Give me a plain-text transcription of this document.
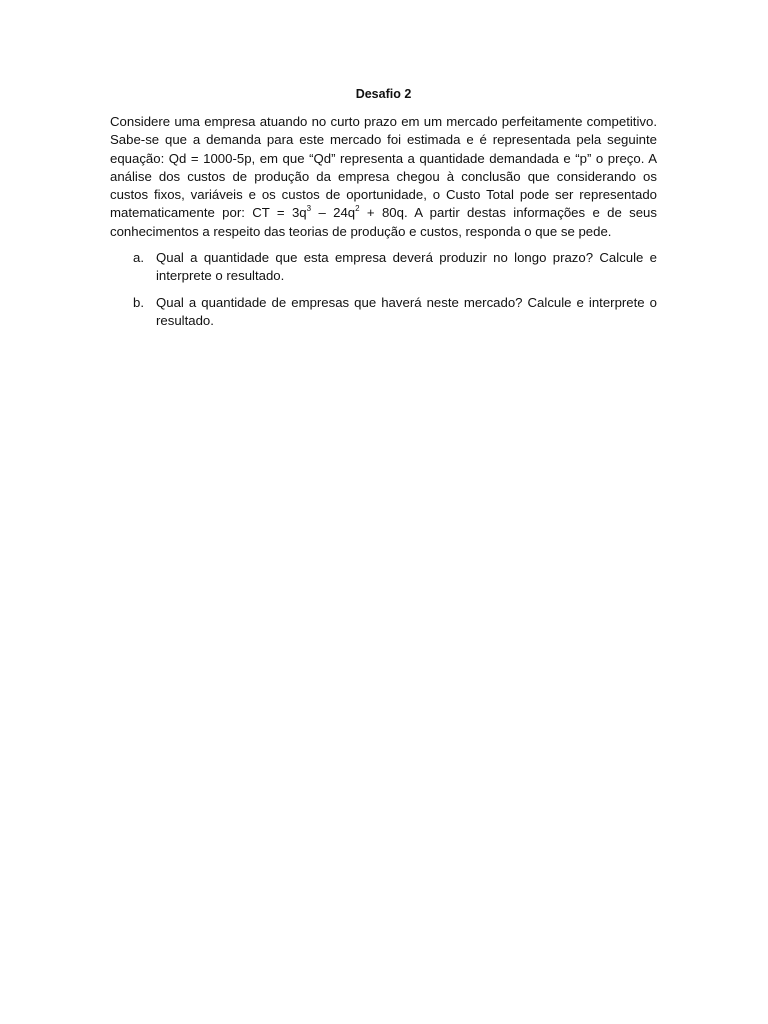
Desafio 2

Considere uma empresa atuando no curto prazo em um mercado perfeitamente competitivo. Sabe-se que a demanda para este mercado foi estimada e é representada pela seguinte equação: Qd = 1000-5p, em que “Qd” representa a quantidade demandada e “p” o preço. A análise dos custos de produção da empresa chegou à conclusão que considerando os custos fixos, variáveis e os custos de oportunidade, o Custo Total pode ser representado matematicamente por: CT = $3q^3 - 24q^2 + 80q$. A partir destas informações e de seus conhecimentos a respeito das teorias de produção e custos, responda o que se pede.

a. Qual a quantidade que esta empresa deverá produzir no longo prazo? Calcule e interprete o resultado.
b. Qual a quantidade de empresas que haverá neste mercado? Calcule e interprete o resultado.
